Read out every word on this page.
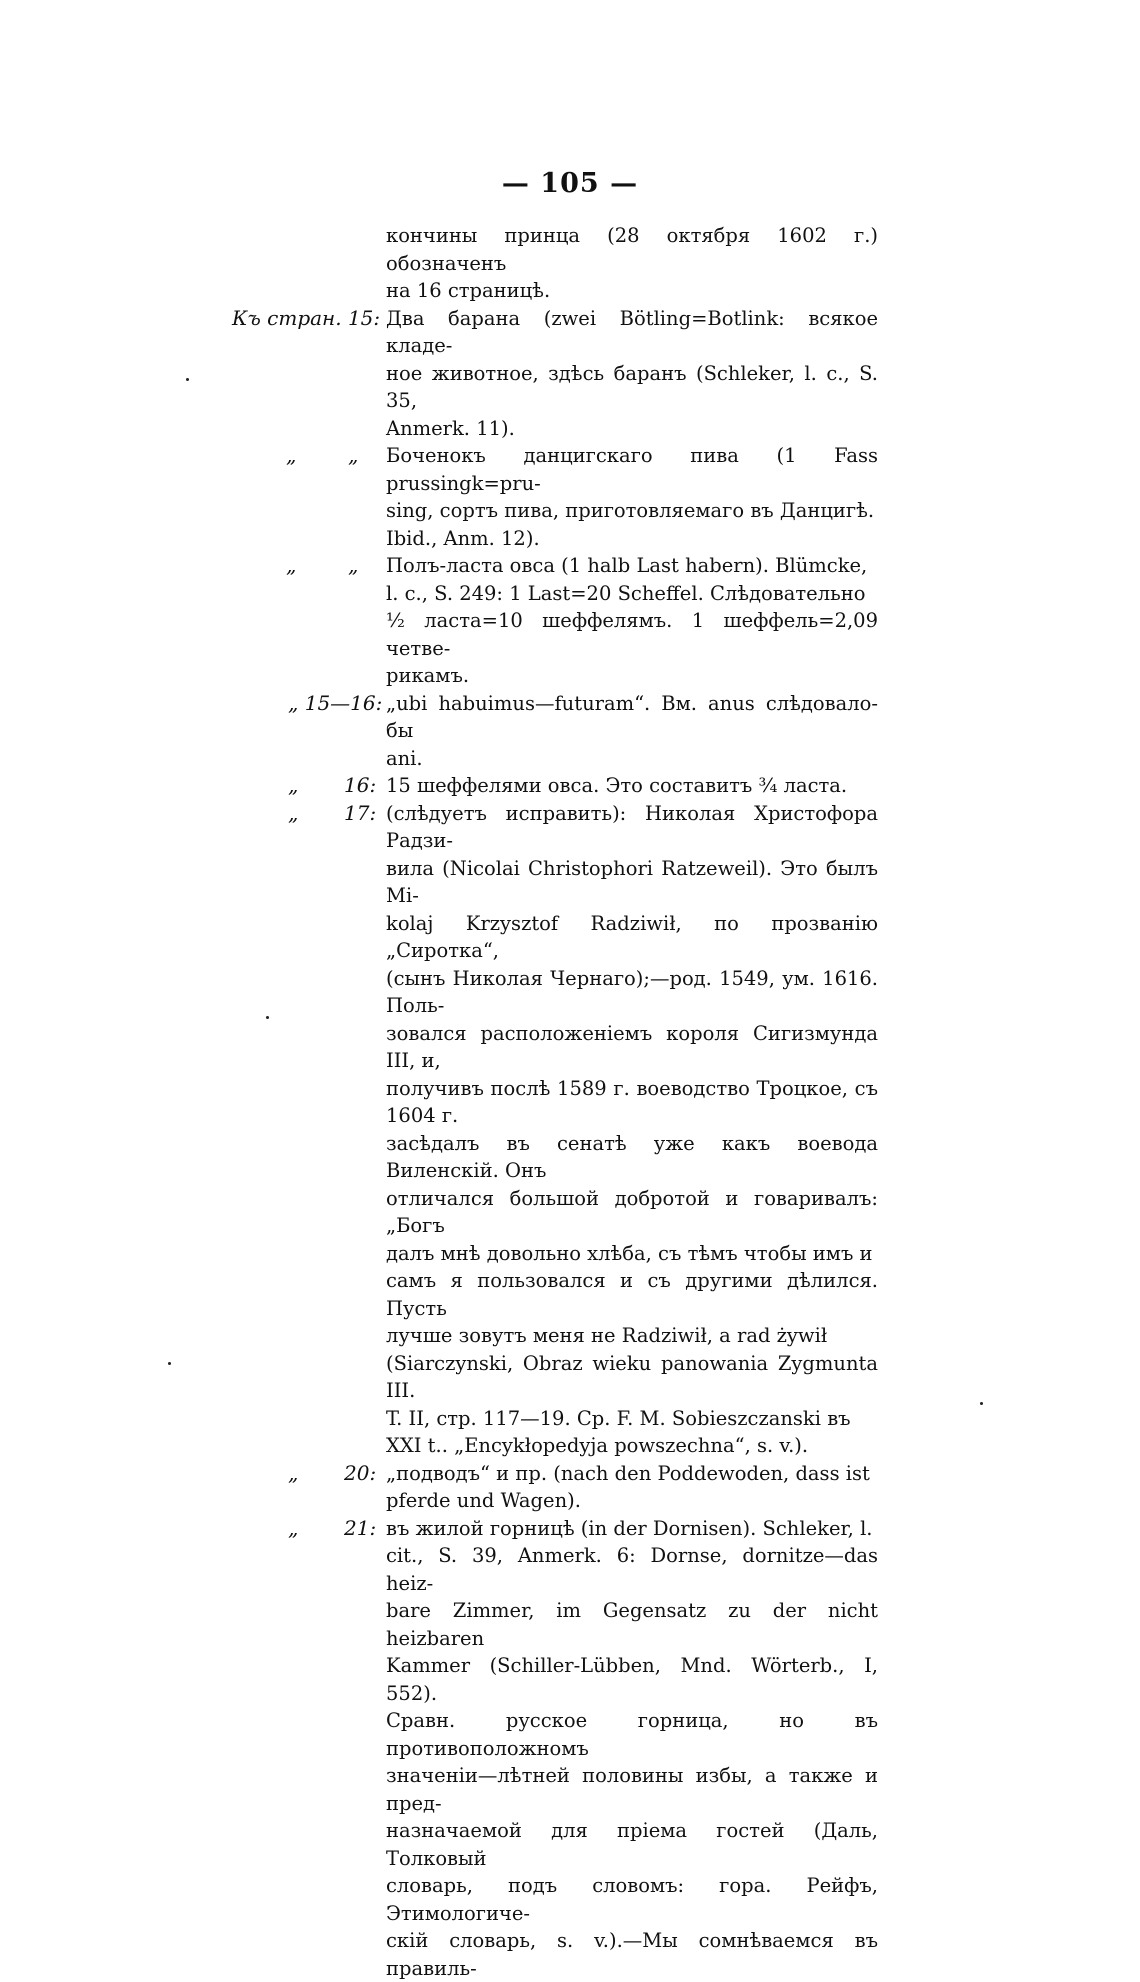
— 105 —
кончины принца (28 октября 1602 г.) обозначенъ
на 16 страницѣ.
Къ стран. 15: Два барана (zwei Bötling=Botlink: всякое кладе-
ное животное, здѣсь баранъ (Schleker, l. c., S. 35,
Anmerk. 11).
„	„ Боченокъ данцигскаго пива (1 Fass prussingk=pru-
sing, сортъ пива, приготовляемаго въ Данцигѣ.
Ibid., Anm. 12).
„	„ Полъ-ласта овса (1 halb Last habern). Blümcke,
l. c., S. 249: 1 Last=20 Scheffel. Слѣдовательно
½ ласта=10 шеффелямъ. 1 шеффель=2,09 четве-
рикамъ.
„ 15—16: „ubi habuimus—futuram“. Вм. anus слѣдовало-бы
ani.
„ 16: 15 шеффелями овса. Это составитъ ¾ ласта.
„ 17: (слѣдуетъ исправить): Николая Христофора Радзи-
вила (Nicolai Christophori Ratzeweil). Это былъ Mi-
kolaj Krzysztof Radziwił, по прозванію „Сиротка“,
(сынъ Николая Чернаго);—род. 1549, ум. 1616. Поль-
зовался расположеніемъ короля Сигизмунда III, и,
получивъ послѣ 1589 г. воеводство Троцкое, съ 1604 г.
засѣдалъ въ сенатѣ уже какъ воевода Виленскій. Онъ
отличался большой добротой и говаривалъ: „Богъ
далъ мнѣ довольно хлѣба, съ тѣмъ чтобы имъ и
самъ я пользовался и съ другими дѣлился. Пусть
лучше зовутъ меня не Radziwił, а rad żywił
(Siarczynski, Obraz wieku panowania Zygmunta III.
T. II, стр. 117—19. Ср. F. M. Sobieszczanski въ
XXI t.. „Encykłopedyja powszechna“, s. v.).
„ 20: „подводъ“ и пр. (nach den Poddewoden, dass ist
pferde und Wagen).
„ 21: въ жилой горницѣ (in der Dornisen). Schleker, l.
cit., S. 39, Anmerk. 6: Dornse, dornitze—das heiz-
bare Zimmer, im Gegensatz zu der nicht heizbaren
Kammer (Schiller-Lübben, Mnd. Wörterb., I, 552).
Сравн. русское горница, но въ противоположномъ
значеніи—лѣтней половины избы, а также и пред-
назначаемой для пріема гостей (Даль, Толковый
словарь, подъ словомъ: гора. Рейфъ, Этимологиче-
скій словарь, s. v.).—Мы сомнѣваемся въ правиль-
